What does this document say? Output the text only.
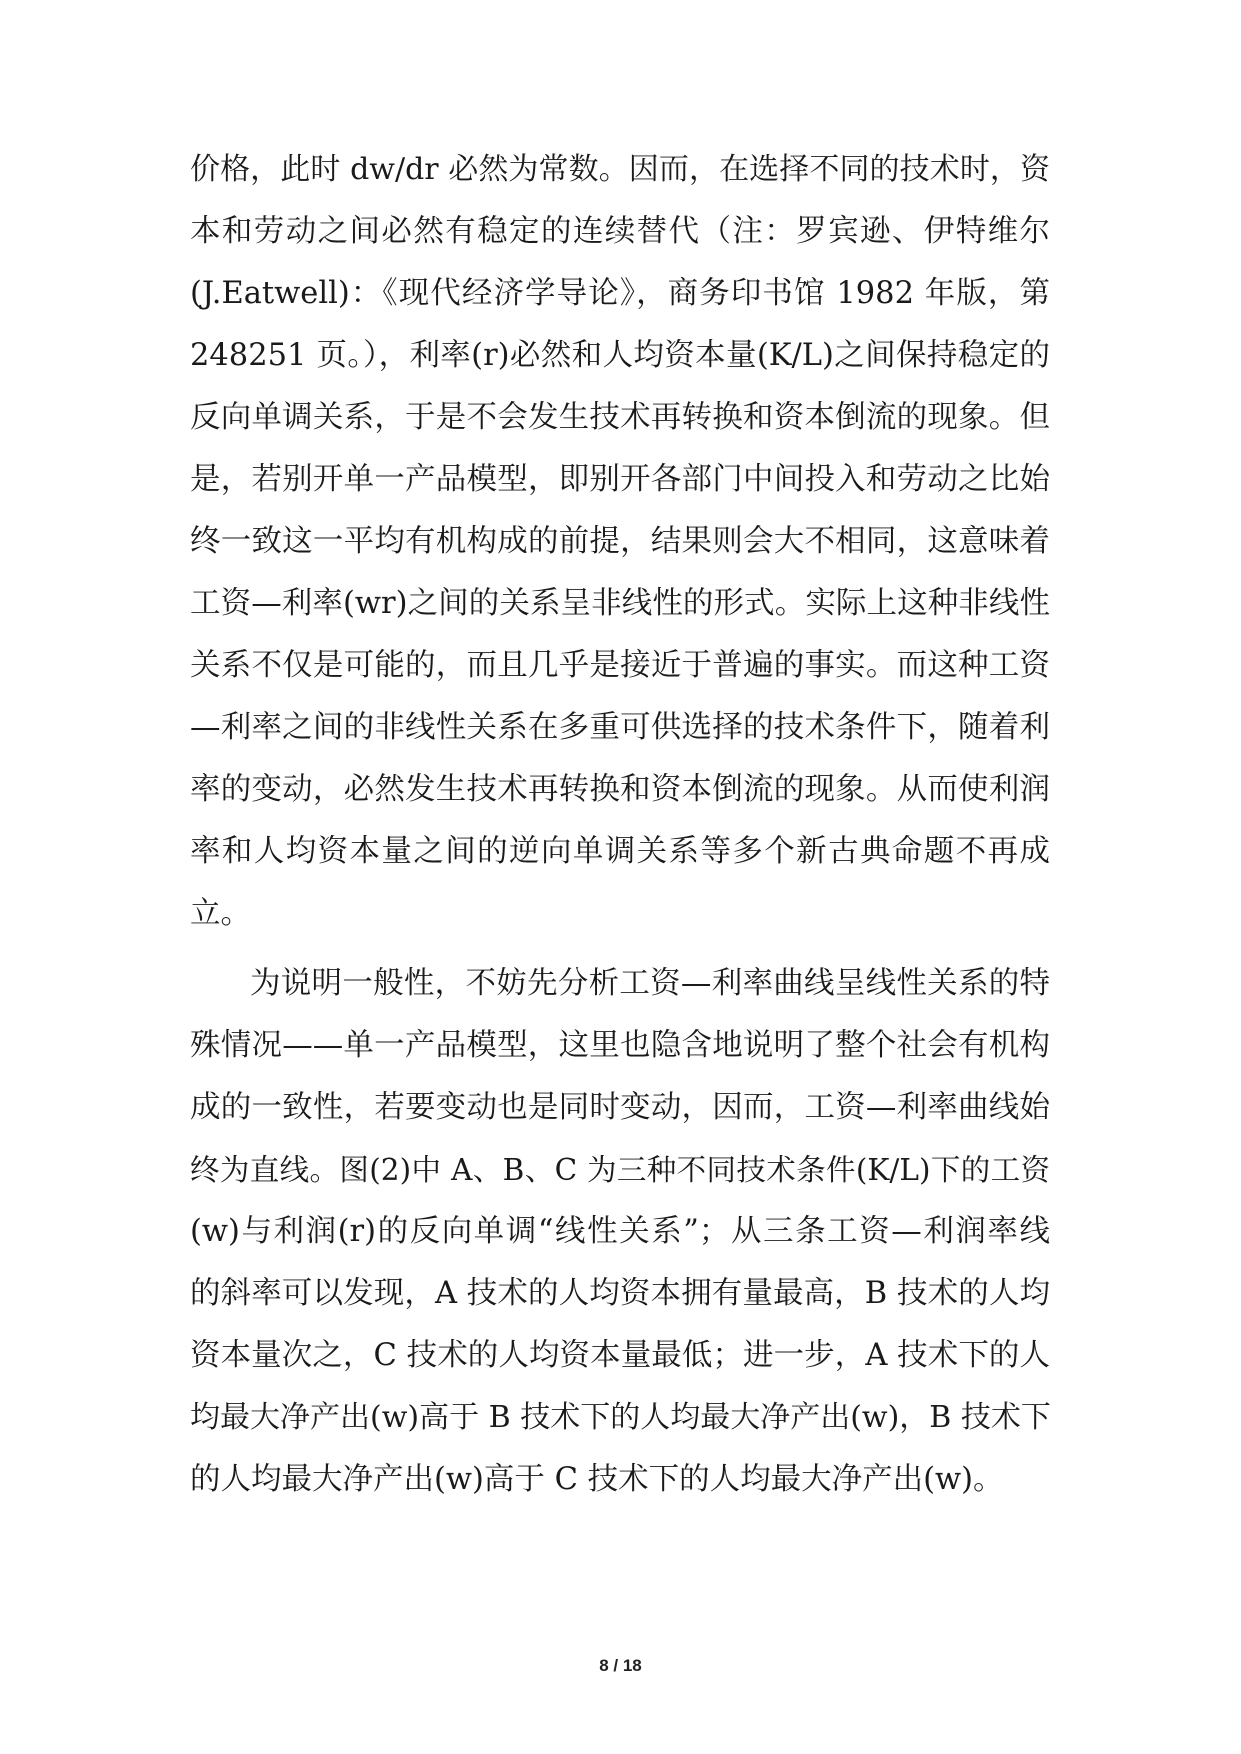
价格，此时 dw/dr 必然为常数。因而，在选择不同的技术时，资
本和劳动之间必然有稳定的连续替代（注：罗宾逊、伊特维尔
(J.Eatwell)：《现代经济学导论》，商务印书馆 1982 年版，第
248251 页。），利率(r)必然和人均资本量(K/L)之间保持稳定的
反向单调关系，于是不会发生技术再转换和资本倒流的现象。但
是，若别开单一产品模型，即别开各部门中间投入和劳动之比始
终一致这一平均有机构成的前提，结果则会大不相同，这意味着
工资—利率(wr)之间的关系呈非线性的形式。实际上这种非线性
关系不仅是可能的，而且几乎是接近于普遍的事实。而这种工资
—利率之间的非线性关系在多重可供选择的技术条件下，随着利
率的变动，必然发生技术再转换和资本倒流的现象。从而使利润
率和人均资本量之间的逆向单调关系等多个新古典命题不再成
立。
为说明一般性，不妨先分析工资—利率曲线呈线性关系的特
殊情况——单一产品模型，这里也隐含地说明了整个社会有机构
成的一致性，若要变动也是同时变动，因而，工资—利率曲线始
终为直线。图(2)中 A、B、C 为三种不同技术条件(K/L)下的工资
(w)与利润(r)的反向单调“线性关系”；从三条工资—利润率线
的斜率可以发现，A 技术的人均资本拥有量最高，B 技术的人均
资本量次之，C 技术的人均资本量最低；进一步，A 技术下的人
均最大净产出(w)高于 B 技术下的人均最大净产出(w)，B 技术下
的人均最大净产出(w)高于 C 技术下的人均最大净产出(w)。
8 / 18
